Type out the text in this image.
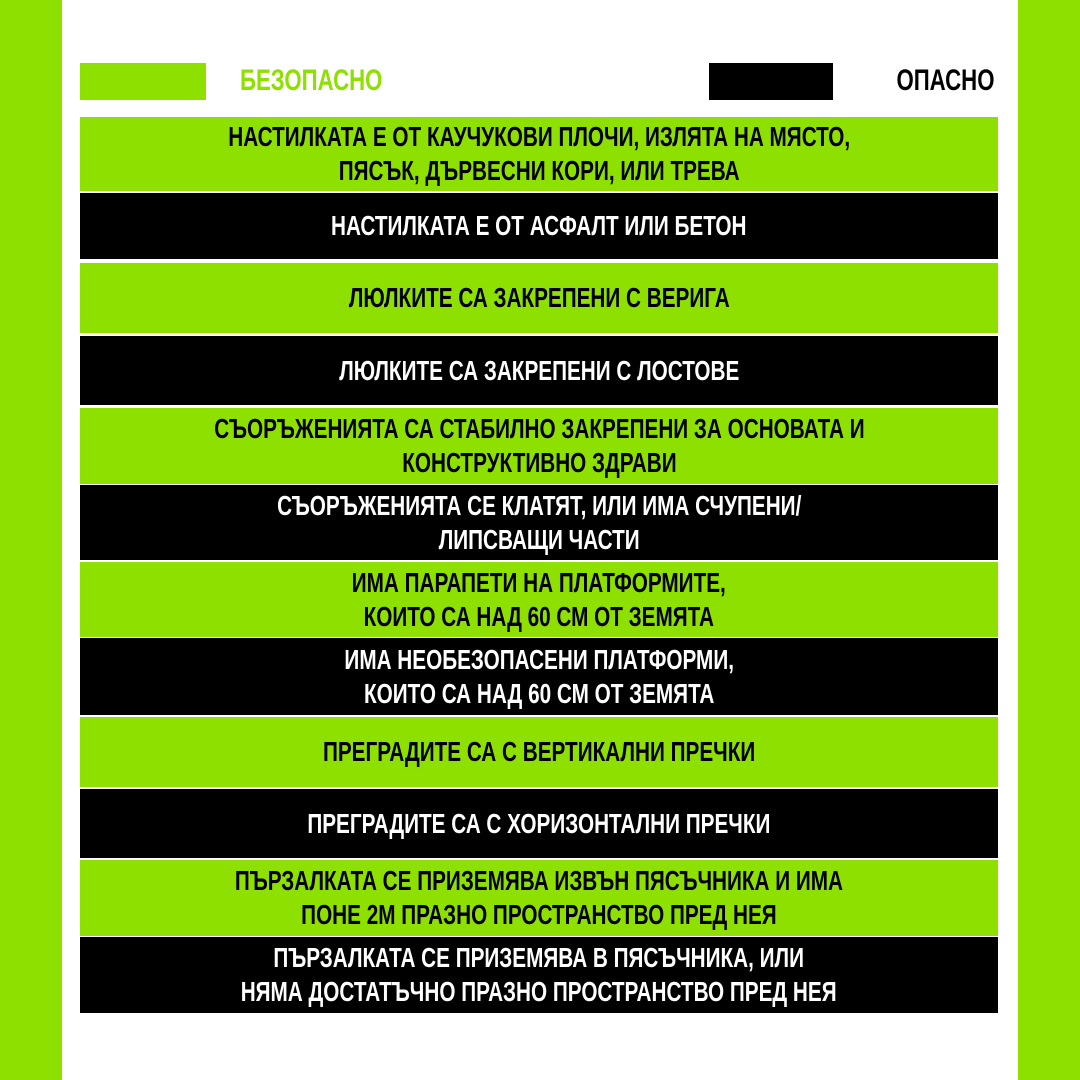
БЕЗОПАСНО	ОПАСНО
НАСТИЛКАТА Е ОТ КАУЧУКОВИ ПЛОЧИ, ИЗЛЯТА НА МЯСТО,
ПЯСЪК, ДЪРВЕСНИ КОРИ, ИЛИ ТРЕВА
НАСТИЛКАТА Е ОТ АСФАЛТ ИЛИ БЕТОН
ЛЮЛКИТЕ СА ЗАКРЕПЕНИ С ВЕРИГА
ЛЮЛКИТЕ СА ЗАКРЕПЕНИ С ЛОСТОВЕ
СЪОРЪЖЕНИЯТА СА СТАБИЛНО ЗАКРЕПЕНИ ЗА ОСНОВАТА И
КОНСТРУКТИВНО ЗДРАВИ
СЪОРЪЖЕНИЯТА СЕ КЛАТЯТ, ИЛИ ИМА СЧУПЕНИ/
ЛИПСВАЩИ ЧАСТИ
ИМА ПАРАПЕТИ НА ПЛАТФОРМИТЕ,
КОИТО СА НАД 60 СМ ОТ ЗЕМЯТА
ИМА НЕОБЕЗОПАСЕНИ ПЛАТФОРМИ,
КОИТО СА НАД 60 СМ ОТ ЗЕМЯТА
ПРЕГРАДИТЕ СА С ВЕРТИКАЛНИ ПРЕЧКИ
ПРЕГРАДИТЕ СА С ХОРИЗОНТАЛНИ ПРЕЧКИ
ПЪРЗАЛКАТА СЕ ПРИЗЕМЯВА ИЗВЪН ПЯСЪЧНИКА И ИМА
ПОНЕ 2М ПРАЗНО ПРОСТРАНСТВО ПРЕД НЕЯ
ПЪРЗАЛКАТА СЕ ПРИЗЕМЯВА В ПЯСЪЧНИКА, ИЛИ
НЯМА ДОСТАТЪЧНО ПРАЗНО ПРОСТРАНСТВО ПРЕД НЕЯ
